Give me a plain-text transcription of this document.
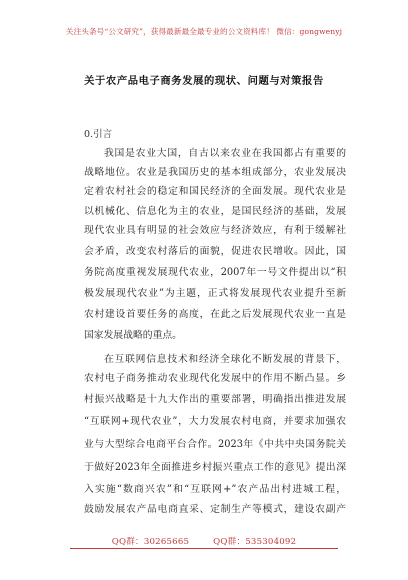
关注头条号“公文研究”，获得最新最全最专业的公文资料库！ 微信：gongwenyj
关于农产品电子商务发展的现状、问题与对策报告
0.引言
我国是农业大国，自古以来农业在我国都占有重要的
战略地位。农业是我国历史的基本组成部分，农业发展决
定着农村社会的稳定和国民经济的全面发展。现代农业是
以机械化、信息化为主的农业，是国民经济的基础，发展
现代农业具有明显的社会效应与经济效应，有利于缓解社
会矛盾，改变农村落后的面貌，促进农民增收。因此，国
务院高度重视发展现代农业，2007年一号文件提出以“积
极发展现代农业”为主题，正式将发展现代农业提升至新
农村建设首要任务的高度，在此之后发展现代农业一直是
国家发展战略的重点。
在互联网信息技术和经济全球化不断发展的背景下，
农村电子商务推动农业现代化发展中的作用不断凸显。乡
村振兴战略是十九大作出的重要部署，明确指出推进发展
“互联网+现代农业”，大力发展农村电商，并要求加强农
业与大型综合电商平台合作。2023年《中共中央国务院关
于做好2023年全面推进乡村振兴重点工作的意见》提出深
入实施“数商兴农”和“互联网+”农产品出村进城工程，
鼓励发展农产品电商直采、定制生产等模式，建设农副产
QQ群：30265665	QQ群：535304092
